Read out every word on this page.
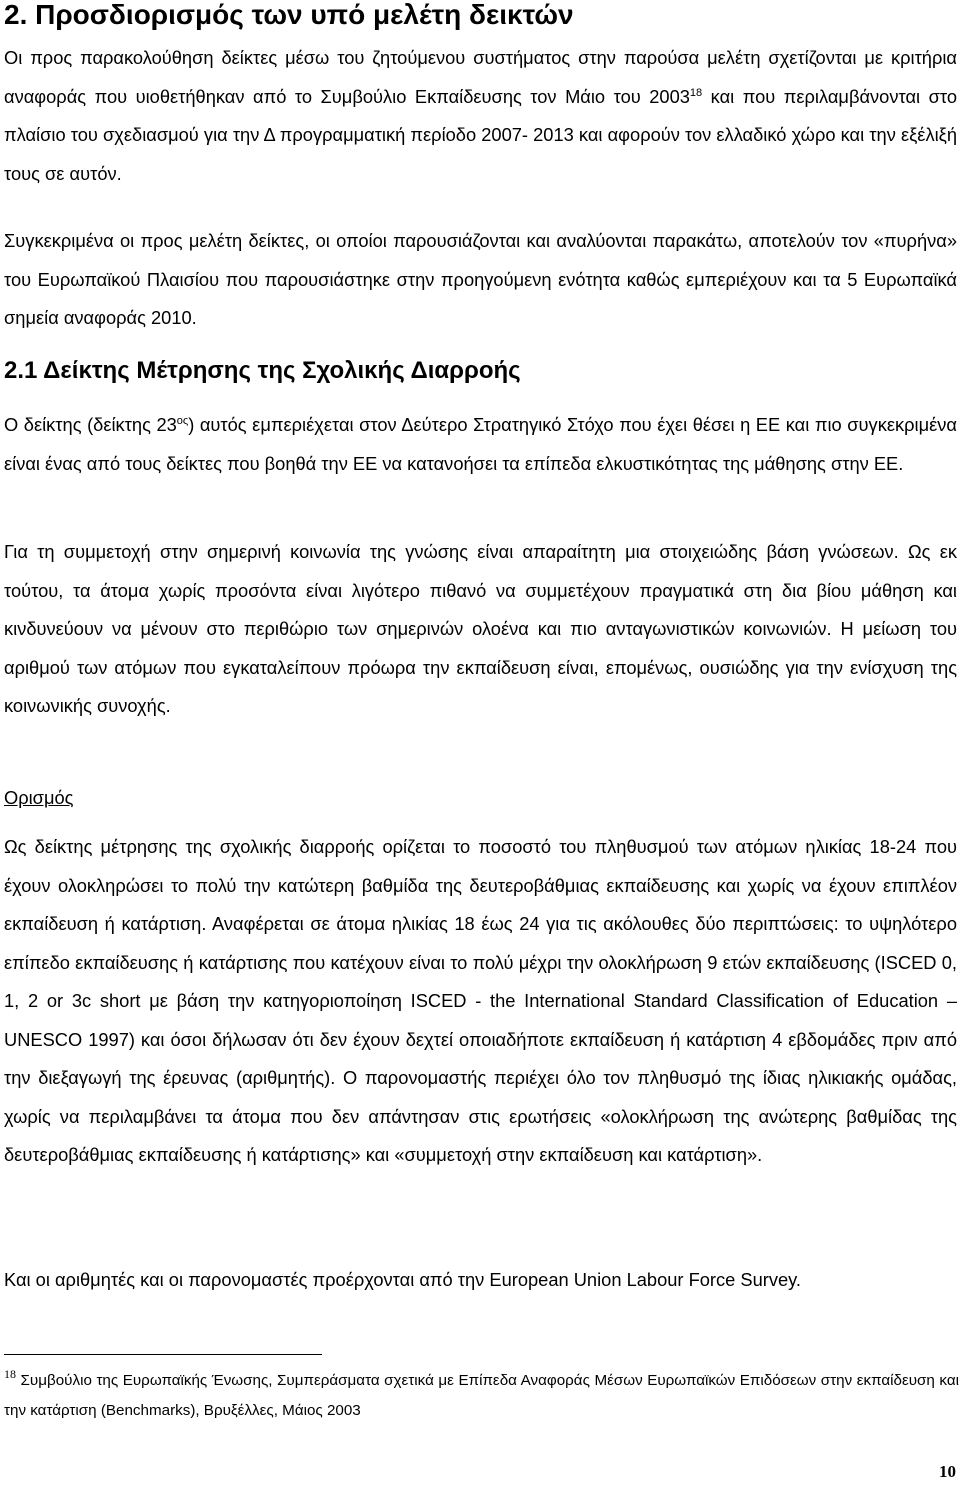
2. Προσδιορισμός των υπό μελέτη δεικτών

Οι προς παρακολούθηση δείκτες μέσω του ζητούμενου συστήματος στην παρούσα μελέτη σχετίζονται με κριτήρια αναφοράς που υιοθετήθηκαν από το Συμβούλιο Εκπαίδευσης τον Μάιο του 2003$^{18}$ και που περιλαμβάνονται στο πλαίσιο του σχεδιασμού για την Δ προγραμματική περίοδο 2007- 2013 και αφορούν τον ελλαδικό χώρο και την εξέλιξή τους σε αυτόν.

Συγκεκριμένα οι προς μελέτη δείκτες, οι οποίοι παρουσιάζονται και αναλύονται παρακάτω, αποτελούν τον «πυρήνα» του Ευρωπαϊκού Πλαισίου που παρουσιάστηκε στην προηγούμενη ενότητα καθώς εμπεριέχουν και τα 5 Ευρωπαϊκά σημεία αναφοράς 2010.

2.1 Δείκτης Μέτρησης της Σχολικής Διαρροής

Ο δείκτης (δείκτης $23^{o\varsigma}$) αυτός εμπεριέχεται στον Δεύτερο Στρατηγικό Στόχο που έχει θέσει η ΕΕ και πιο συγκεκριμένα είναι ένας από τους δείκτες που βοηθά την ΕΕ να κατανοήσει τα επίπεδα ελκυστικότητας της μάθησης στην ΕΕ.

Για τη συμμετοχή στην σημερινή κοινωνία της γνώσης είναι απαραίτητη μια στοιχειώδης βάση γνώσεων. Ως εκ τούτου, τα άτομα χωρίς προσόντα είναι λιγότερο πιθανό να συμμετέχουν πραγματικά στη δια βίου μάθηση και κινδυνεύουν να μένουν στο περιθώριο των σημερινών ολοένα και πιο ανταγωνιστικών κοινωνιών. Η μείωση του αριθμού των ατόμων που εγκαταλείπουν πρόωρα την εκπαίδευση είναι, επομένως, ουσιώδης για την ενίσχυση της κοινωνικής συνοχής.

Ορισμός

Ως δείκτης μέτρησης της σχολικής διαρροής ορίζεται το ποσοστό του πληθυσμού των ατόμων ηλικίας 18-24 που έχουν ολοκληρώσει το πολύ την κατώτερη βαθμίδα της δευτεροβάθμιας εκπαίδευσης και χωρίς να έχουν επιπλέον εκπαίδευση ή κατάρτιση. Αναφέρεται σε άτομα ηλικίας 18 έως 24 για τις ακόλουθες δύο περιπτώσεις: το υψηλότερο επίπεδο εκπαίδευσης ή κατάρτισης που κατέχουν είναι το πολύ μέχρι την ολοκλήρωση 9 ετών εκπαίδευσης (ISCED 0, 1, 2 or 3c short με βάση την κατηγοριοποίηση ISCED - the International Standard Classification of Education – UNESCO 1997) και όσοι δήλωσαν ότι δεν έχουν δεχτεί οποιαδήποτε εκπαίδευση ή κατάρτιση 4 εβδομάδες πριν από την διεξαγωγή της έρευνας (αριθμητής). Ο παρονομαστής περιέχει όλο τον πληθυσμό της ίδιας ηλικιακής ομάδας, χωρίς να περιλαμβάνει τα άτομα που δεν απάντησαν στις ερωτήσεις «ολοκλήρωση της ανώτερης βαθμίδας της δευτεροβάθμιας εκπαίδευσης ή κατάρτισης» και «συμμετοχή στην εκπαίδευση και κατάρτιση».

Και οι αριθμητές και οι παρονομαστές προέρχονται από την European Union Labour Force Survey.

$^{18}$ Συμβούλιο της Ευρωπαϊκής Ένωσης, Συμπεράσματα σχετικά με Επίπεδα Αναφοράς Μέσων Ευρωπαϊκών Επιδόσεων στην εκπαίδευση και την κατάρτιση (Benchmarks), Βρυξέλλες, Μάιος 2003
10
